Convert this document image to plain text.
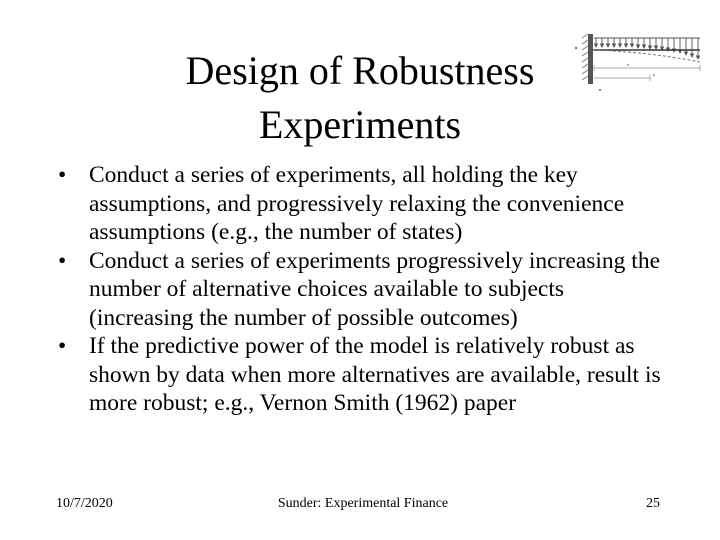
Design of Robustness
Experiments
• Conduct a series of experiments, all holding the key assumptions, and progressively relaxing the convenience assumptions (e.g., the number of states)
• Conduct a series of experiments progressively increasing the number of alternative choices available to subjects (increasing the number of possible outcomes)
• If the predictive power of the model is relatively robust as shown by data when more alternatives are available, result is more robust; e.g., Vernon Smith (1962) paper
10/7/2020	Sunder: Experimental Finance	25
